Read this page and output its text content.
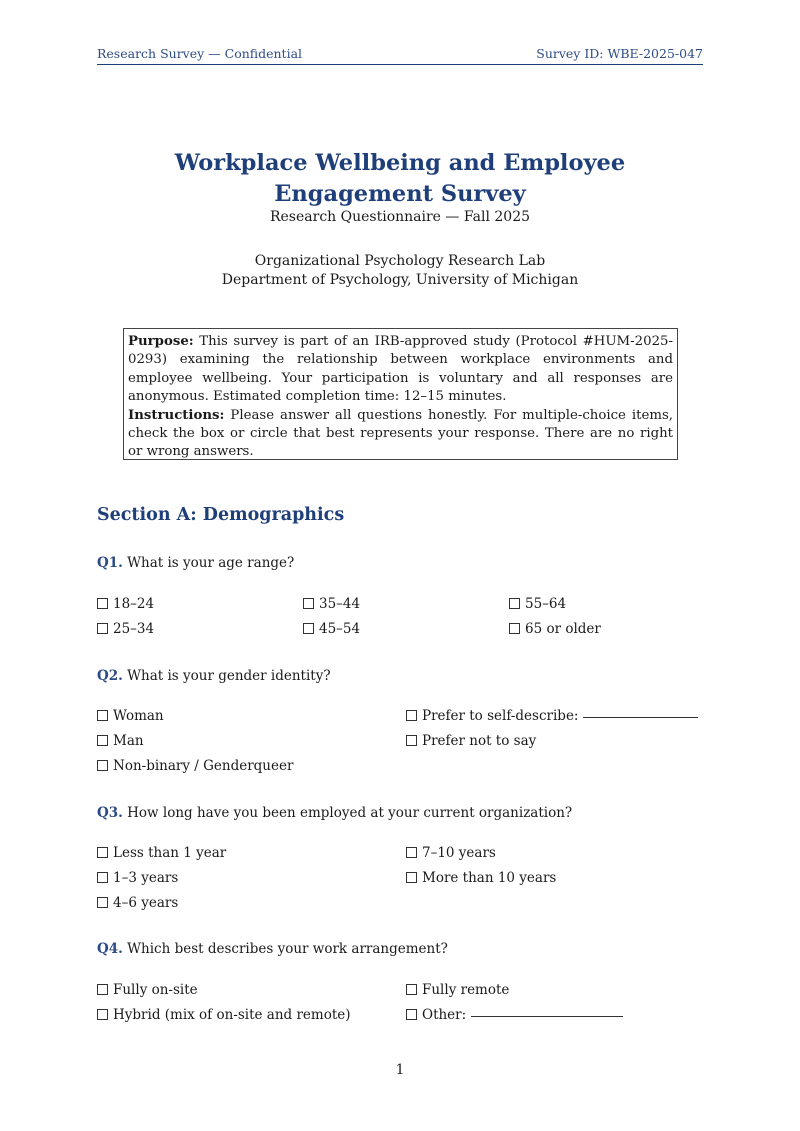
Research Survey — Confidential	Survey ID: WBE-2025-047
Workplace Wellbeing and Employee
Engagement Survey
Research Questionnaire — Fall 2025
Organizational Psychology Research Lab
Department of Psychology, University of Michigan
Purpose: This survey is part of an IRB-approved study (Protocol #HUM-2025-0293) examining the relationship between workplace environments and employee wellbeing. Your participation is voluntary and all responses are anonymous. Estimated completion time: 12–15 minutes.
Instructions: Please answer all questions honestly. For multiple-choice items, check the box or circle that best represents your response. There are no right or wrong answers.
Section A: Demographics
Q1. What is your age range?
18–24	35–44	55–64
25–34	45–54	65 or older
Q2. What is your gender identity?
Woman	Prefer to self-describe:
Man	Prefer not to say
Non-binary / Genderqueer
Q3. How long have you been employed at your current organization?
Less than 1 year	7–10 years
1–3 years	More than 10 years
4–6 years
Q4. Which best describes your work arrangement?
Fully on-site	Fully remote
Hybrid (mix of on-site and remote)	Other:
1
